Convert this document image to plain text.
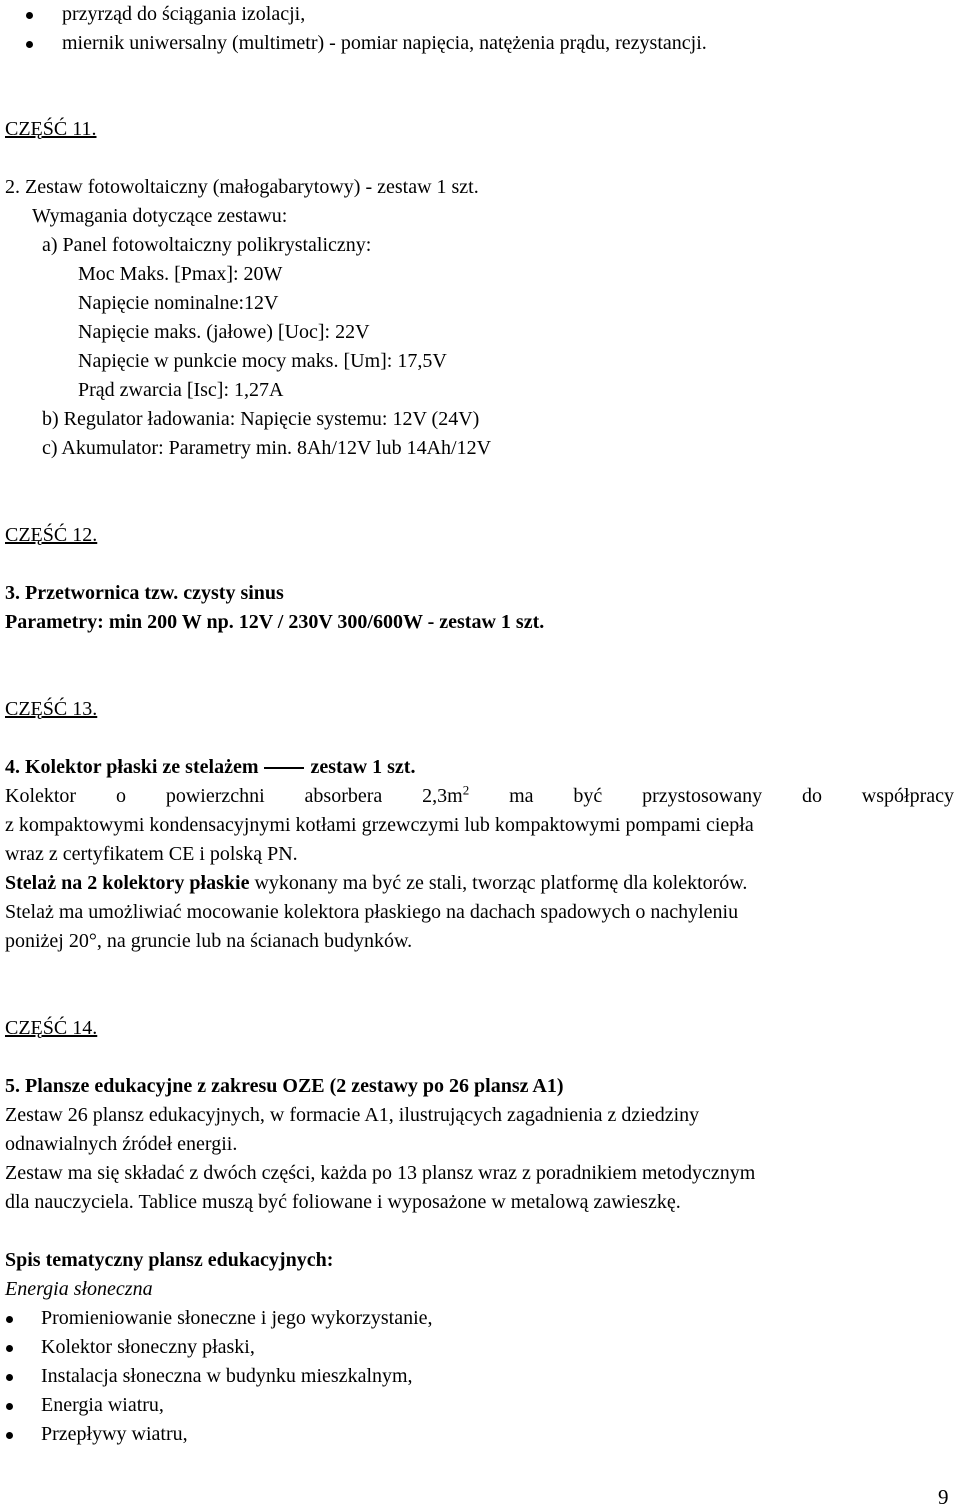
przyrząd do ściągania izolacji,
miernik uniwersalny (multimetr) - pomiar napięcia, natężenia prądu, rezystancji.
CZĘŚĆ 11.
2. Zestaw fotowoltaiczny (małogabarytowy) - zestaw 1 szt.
Wymagania dotyczące zestawu:
a) Panel fotowoltaiczny polikrystaliczny:
Moc Maks. [Pmax]: 20W
Napięcie nominalne:12V
Napięcie maks. (jałowe) [Uoc]: 22V
Napięcie w punkcie mocy maks. [Um]: 17,5V
Prąd zwarcia [Isc]: 1,27A
b) Regulator ładowania: Napięcie systemu: 12V (24V)
c) Akumulator: Parametry min. 8Ah/12V lub 14Ah/12V
CZĘŚĆ 12.
3. Przetwornica tzw. czysty sinus
Parametry: min 200 W np. 12V / 230V 300/600W - zestaw 1 szt.
CZĘŚĆ 13.
4. Kolektor płaski ze stelażem	zestaw 1 szt.
Kolektor o powierzchni absorbera $2,3m^2$ ma być przystosowany do współpracy
z kompaktowymi kondensacyjnymi kotłami grzewczymi lub kompaktowymi pompami ciepła
wraz z certyfikatem CE i polską PN.
Stelaż na 2 kolektory płaskie wykonany ma być ze stali, tworząc platformę dla kolektorów.
Stelaż ma umożliwiać mocowanie kolektora płaskiego na dachach spadowych o nachyleniu
poniżej 20°, na gruncie lub na ścianach budynków.
CZĘŚĆ 14.
5. Plansze edukacyjne z zakresu OZE (2 zestawy po 26 plansz A1)
Zestaw 26 plansz edukacyjnych, w formacie A1, ilustrujących zagadnienia z dziedziny
odnawialnych źródeł energii.
Zestaw ma się składać z dwóch części, każda po 13 plansz wraz z poradnikiem metodycznym
dla nauczyciela. Tablice muszą być foliowane i wyposażone w metalową zawieszkę.
Spis tematyczny plansz edukacyjnych:
Energia słoneczna
Promieniowanie słoneczne i jego wykorzystanie,
Kolektor słoneczny płaski,
Instalacja słoneczna w budynku mieszkalnym,
Energia wiatru,
Przepływy wiatru,
9
